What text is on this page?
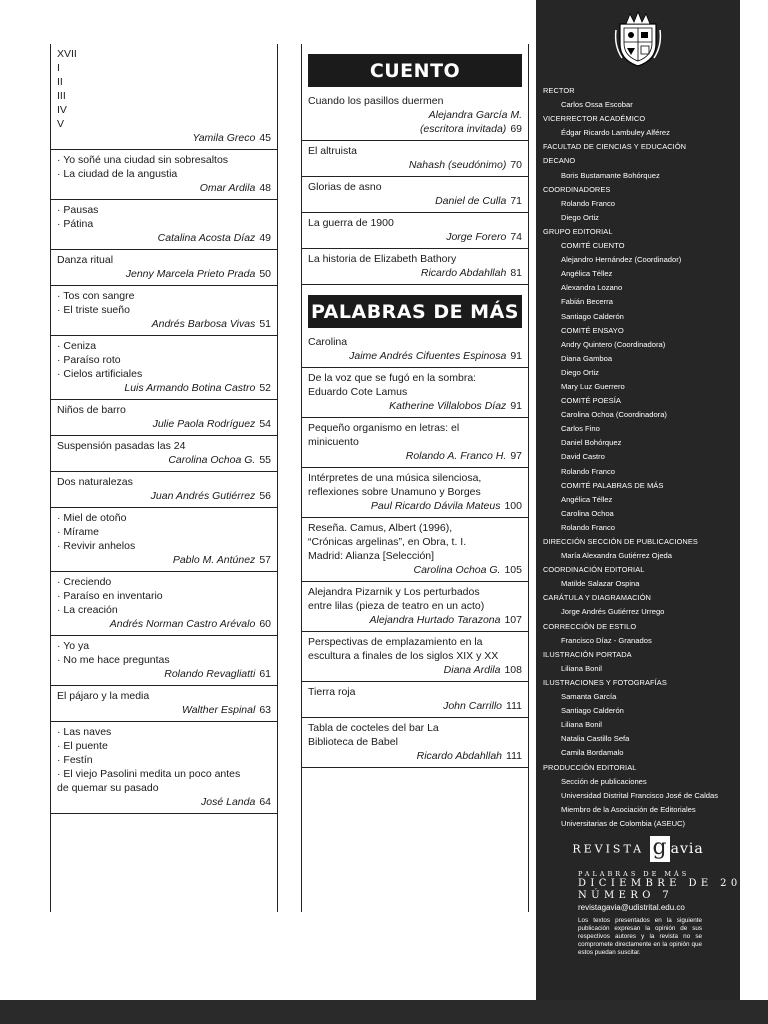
XVII
I
II
III
IV
V
Yamila Greco 45
· Yo soñé una ciudad sin sobresaltos
· La ciudad de la angustia
Omar Ardila 48
· Pausas
· Pátina
Catalina Acosta Díaz 49
Danza ritual
Jenny Marcela Prieto Prada 50
· Tos con sangre
· El triste sueño
Andrés Barbosa Vivas 51
· Ceniza
· Paraíso roto
· Cielos artificiales
Luis Armando Botina Castro 52
Niños de barro
Julie Paola Rodríguez 54
Suspensión pasadas las 24
Carolina Ochoa G. 55
Dos naturalezas
Juan Andrés Gutiérrez 56
· Miel de otoño
· Mírame
· Revivir anhelos
Pablo M. Antúnez 57
· Creciendo
· Paraíso en inventario
· La creación
Andrés Norman Castro Arévalo 60
· Yo ya
· No me hace preguntas
Rolando Revagliatti 61
El pájaro y la media
Walther Espinal 63
· Las naves
· El puente
· Festín
· El viejo Pasolini medita un poco antes
de quemar su pasado
José Landa 64
CUENTO
Cuando los pasillos duermen
Alejandra García M.
(escritora invitada) 69
El altruista
Nahash (seudónimo) 70
Glorias de asno
Daniel de Culla 71
La guerra de 1900
Jorge Forero 74
La historia de Elizabeth Bathory
Ricardo Abdahllah 81
PALABRAS DE MÁS
Carolina
Jaime Andrés Cifuentes Espinosa 91
De la voz que se fugó en la sombra:
Eduardo Cote Lamus
Katherine Villalobos Díaz 91
Pequeño organismo en letras: el
minicuento
Rolando A. Franco H. 97
Intérpretes de una música silenciosa,
reflexiones sobre Unamuno y Borges
Paul Ricardo Dávila Mateus 100
Reseña. Camus, Albert (1996),
“Crónicas argelinas”, en Obra, t. I.
Madrid: Alianza [Selección]
Carolina Ochoa G. 105
Alejandra Pizarnik y Los perturbados
entre lilas (pieza de teatro en un acto)
Alejandra Hurtado Tarazona 107
Perspectivas de emplazamiento en la
escultura a finales de los siglos XIX y XX
Diana Ardila 108
Tierra roja
John Carrillo 111
Tabla de cocteles del bar La
Biblioteca de Babel
Ricardo Abdahllah 111
RECTOR
Carlos Ossa Escobar
VICERRECTOR ACADÉMICO
Édgar Ricardo Lambuley Alférez
FACULTAD DE CIENCIAS Y EDUCACIÓN
DECANO
Boris Bustamante Bohórquez
COORDINADORES
Rolando Franco
Diego Ortiz
GRUPO EDITORIAL
COMITÉ CUENTO
Alejandro Hernández (Coordinador)
Angélica Téllez
Alexandra Lozano
Fabián Becerra
Santiago Calderón
COMITÉ ENSAYO
Andry Quintero (Coordinadora)
Diana Gamboa
Diego Ortiz
Mary Luz Guerrero
COMITÉ POESÍA
Carolina Ochoa (Coordinadora)
Carlos Fino
Daniel Bohórquez
David Castro
Rolando Franco
COMITÉ PALABRAS DE MÁS
Angélica Téllez
Carolina Ochoa
Rolando Franco
DIRECCIÓN SECCIÓN DE PUBLICACIONES
María Alexandra Gutiérrez Ojeda
COORDINACIÓN EDITORIAL
Matilde Salazar Ospina
CARÁTULA Y DIAGRAMACIÓN
Jorge Andrés Gutiérrez Urrego
CORRECCIÓN DE ESTILO
Francisco Díaz - Granados
ILUSTRACIÓN PORTADA
Liliana Bonil
ILUSTRACIONES Y FOTOGRAFÍAS
Samanta García
Santiago Calderón
Liliana Bonil
Natalia Castillo Sefa
Camila Bordamalo
PRODUCCIÓN EDITORIAL
Sección de publicaciones
Universidad Distrital Francisco José de Caldas
Miembro de la Asociación de Editoriales
Universitarias de Colombia (ASEUC)
REVISTA g avia
PALABRAS DE MÁS
DICIEMBRE DE 2010
NÚMERO 7
revistagavia@udistrital.edu.co
Los textos presentados en la siguiente publicación expresan la opinión de sus respectivos autores y la revista no se compromete directamente en la opinión que estos puedan suscitar.
